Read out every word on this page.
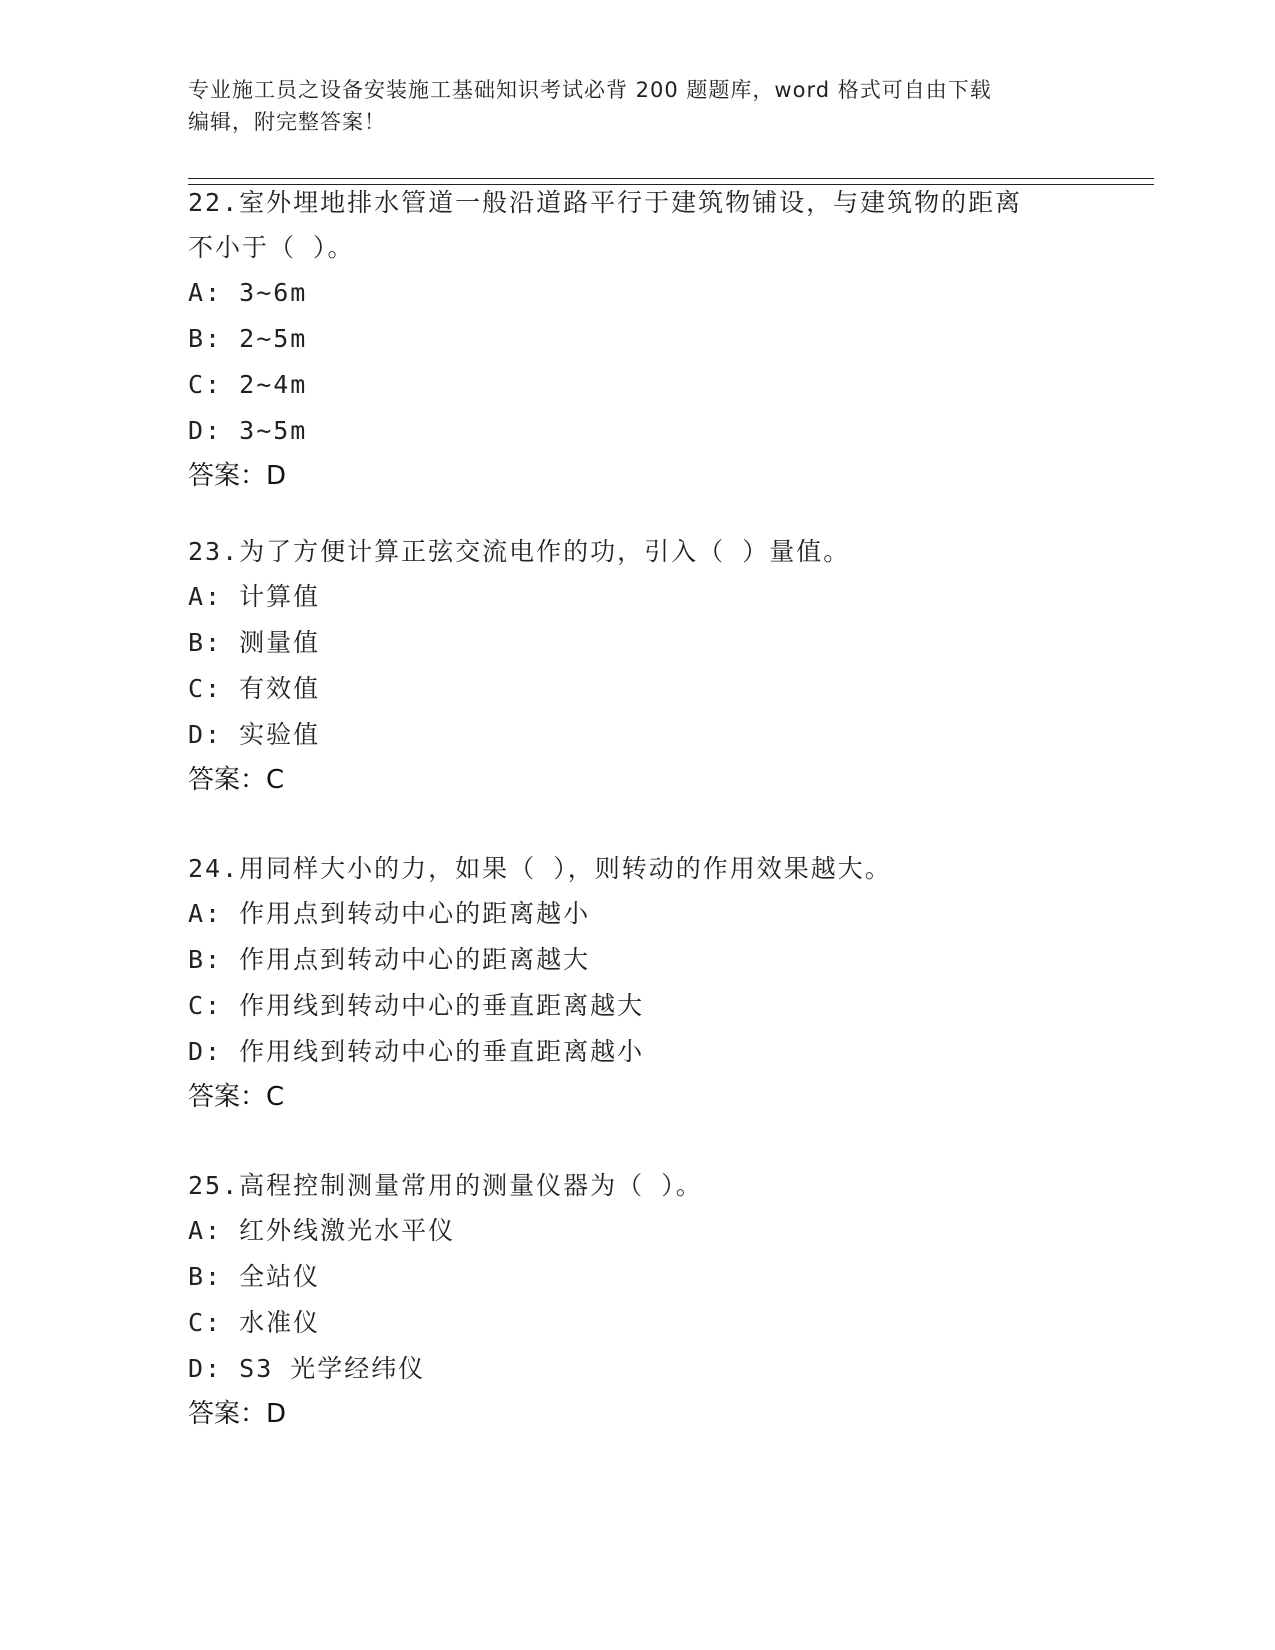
专业施工员之设备安装施工基础知识考试必背 200 题题库，word 格式可自由下载
编辑，附完整答案！

22.室外埋地排水管道一般沿道路平行于建筑物铺设，与建筑物的距离

不小于（ ）。

A: 3~6m

B: 2~5m

C: 2~4m

D: 3~5m

答案：D

23.为了方便计算正弦交流电作的功，引入（ ）量值。

A: 计算值

B: 测量值

C: 有效值

D: 实验值

答案：C

24.用同样大小的力，如果（ ），则转动的作用效果越大。

A: 作用点到转动中心的距离越小

B: 作用点到转动中心的距离越大

C: 作用线到转动中心的垂直距离越大

D: 作用线到转动中心的垂直距离越小

答案：C

25.高程控制测量常用的测量仪器为（ ）。

A: 红外线激光水平仪

B: 全站仪

C: 水准仪

D: S3 光学经纬仪

答案：D
